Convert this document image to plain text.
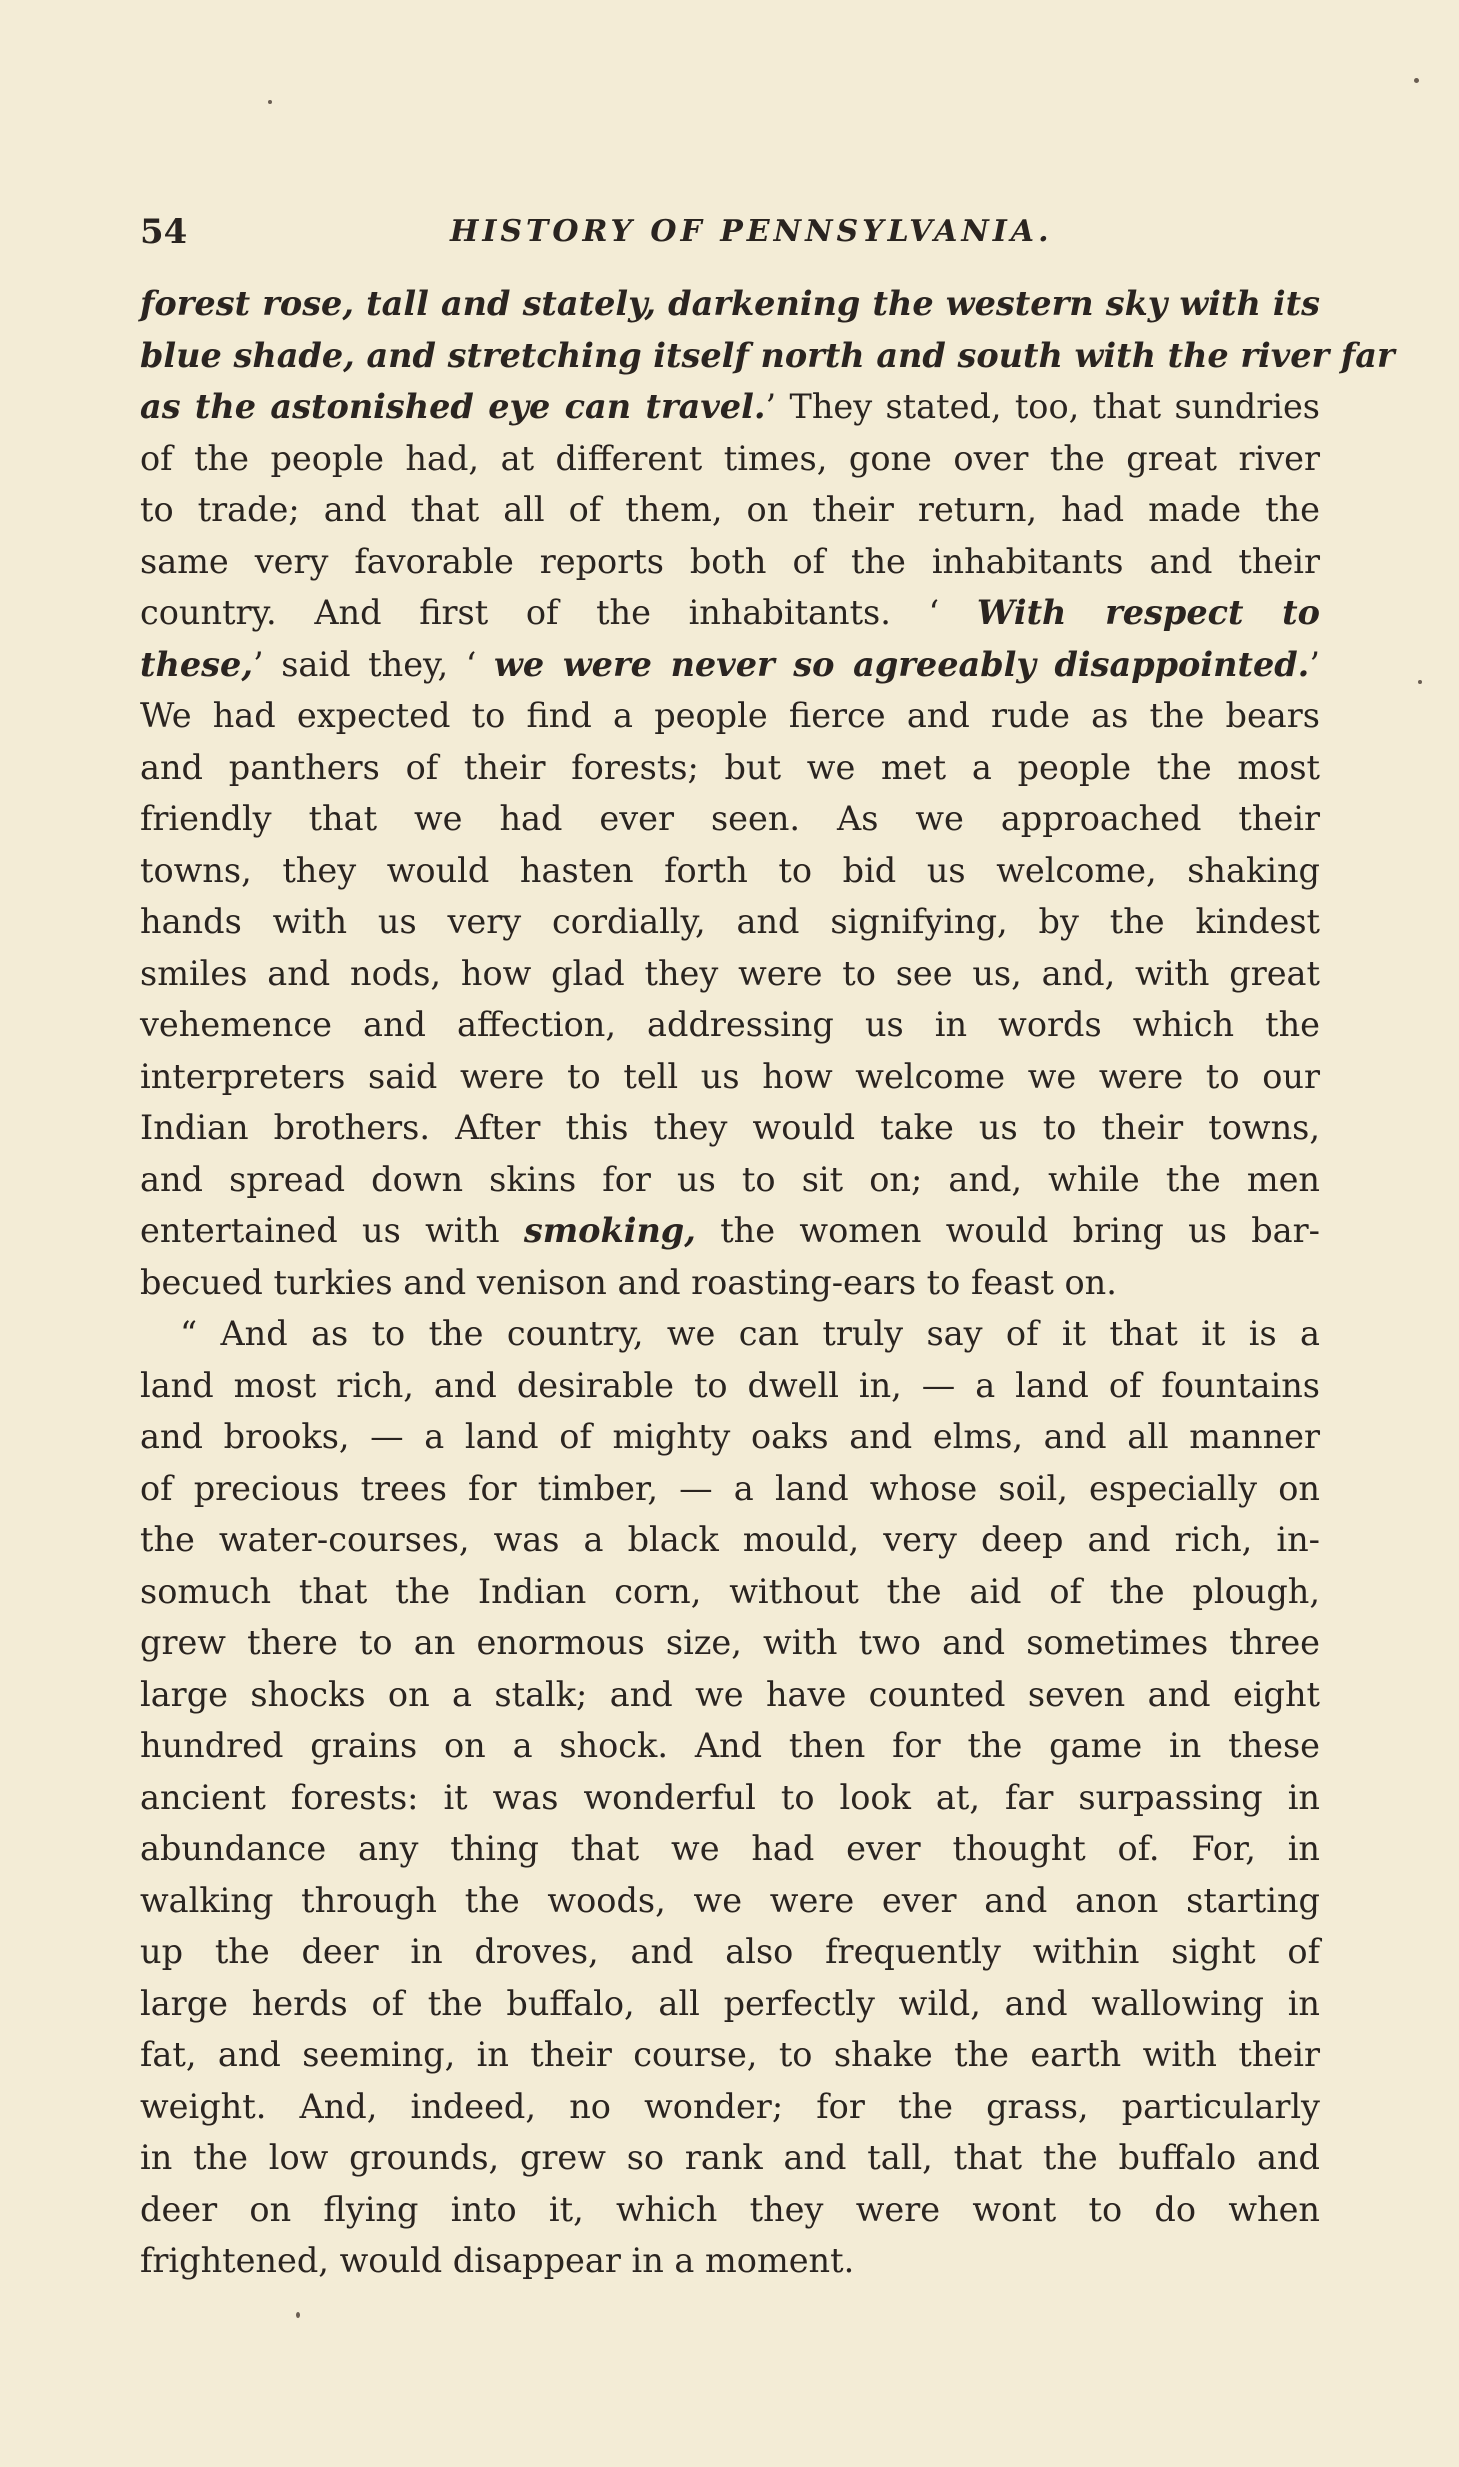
54	HISTORY OF PENNSYLVANIA.
forest rose, tall and stately, darkening the western sky with its
blue shade, and stretching itself north and south with the river far
as the astonished eye can travel.’ They stated, too, that sundries
of the people had, at different times, gone over the great river
to trade; and that all of them, on their return, had made the
same very favorable reports both of the inhabitants and their
country. And first of the inhabitants. ‘ With respect to
these,’ said they, ‘ we were never so agreeably disappointed.’
We had expected to find a people fierce and rude as the bears
and panthers of their forests; but we met a people the most
friendly that we had ever seen. As we approached their
towns, they would hasten forth to bid us welcome, shaking
hands with us very cordially, and signifying, by the kindest
smiles and nods, how glad they were to see us, and, with great
vehemence and affection, addressing us in words which the
interpreters said were to tell us how welcome we were to our
Indian brothers. After this they would take us to their towns,
and spread down skins for us to sit on; and, while the men
entertained us with smoking, the women would bring us bar-
becued turkies and venison and roasting-ears to feast on.
“ And as to the country, we can truly say of it that it is a
land most rich, and desirable to dwell in, — a land of fountains
and brooks, — a land of mighty oaks and elms, and all manner
of precious trees for timber, — a land whose soil, especially on
the water-courses, was a black mould, very deep and rich, in-
somuch that the Indian corn, without the aid of the plough,
grew there to an enormous size, with two and sometimes three
large shocks on a stalk; and we have counted seven and eight
hundred grains on a shock. And then for the game in these
ancient forests: it was wonderful to look at, far surpassing in
abundance any thing that we had ever thought of. For, in
walking through the woods, we were ever and anon starting
up the deer in droves, and also frequently within sight of
large herds of the buffalo, all perfectly wild, and wallowing in
fat, and seeming, in their course, to shake the earth with their
weight. And, indeed, no wonder; for the grass, particularly
in the low grounds, grew so rank and tall, that the buffalo and
deer on flying into it, which they were wont to do when
frightened, would disappear in a moment.
